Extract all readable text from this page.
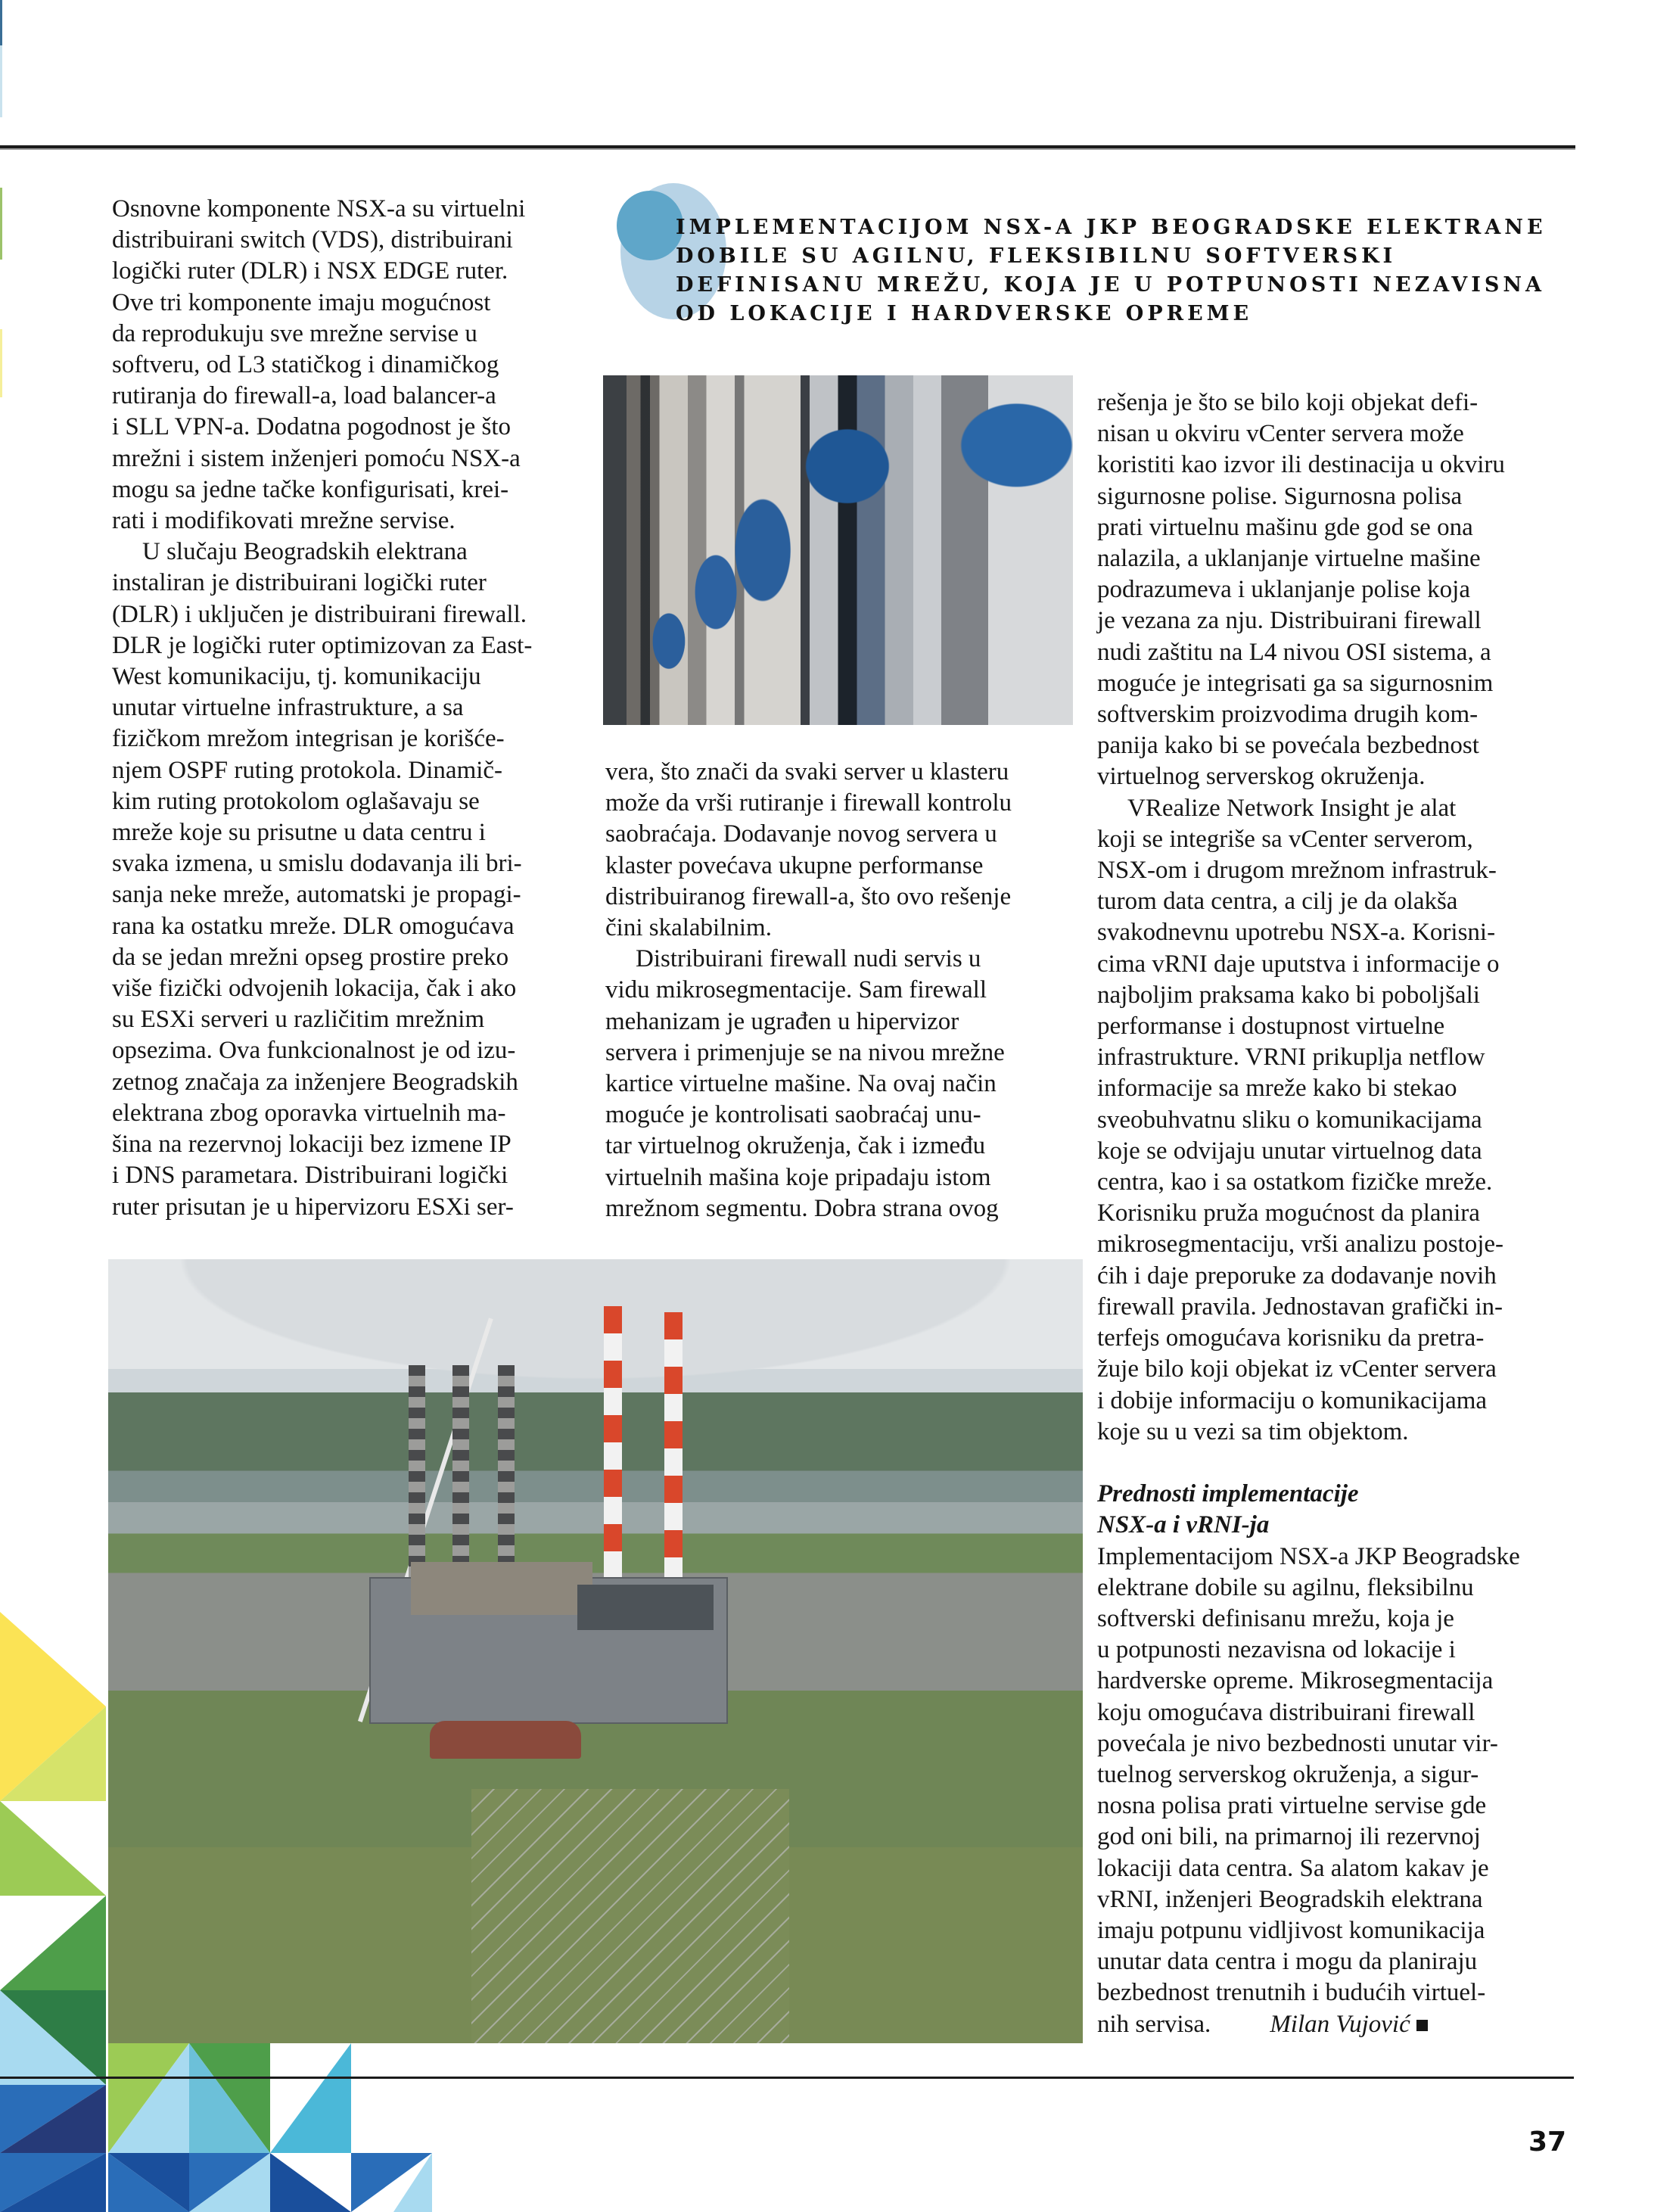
IMPLEMENTACIJOM NSX-A JKP BEOGRADSKE ELEKTRANE
DOBILE SU AGILNU, FLEKSIBILNU SOFTVERSKI
DEFINISANU MREŽU, KOJA JE U POTPUNOSTI NEZAVISNA
OD LOKACIJE I HARDVERSKE OPREME
Osnovne komponente NSX-a su virtuelni
distribuirani switch (VDS), distribuirani
logički ruter (DLR) i NSX EDGE ruter.
Ove tri komponente imaju mogućnost
da reprodukuju sve mrežne servise u
softveru, od L3 statičkog i dinamičkog
rutiranja do firewall-a, load balancer-a
i SLL VPN-a. Dodatna pogodnost je što
mrežni i sistem inženjeri pomoću NSX-a
mogu sa jedne tačke konfigurisati, krei-
rati i modifikovati mrežne servise.
U slučaju Beogradskih elektrana
instaliran je distribuirani logički ruter
(DLR) i uključen je distribuirani firewall.
DLR je logički ruter optimizovan za East-
West komunikaciju, tj. komunikaciju
unutar virtuelne infrastrukture, a sa
fizičkom mrežom integrisan je korišće-
njem OSPF ruting protokola. Dinamič-
kim ruting protokolom oglašavaju se
mreže koje su prisutne u data centru i
svaka izmena, u smislu dodavanja ili bri-
sanja neke mreže, automatski je propagi-
rana ka ostatku mreže. DLR omogućava
da se jedan mrežni opseg prostire preko
više fizički odvojenih lokacija, čak i ako
su ESXi serveri u različitim mrežnim
opsezima. Ova funkcionalnost je od izu-
zetnog značaja za inženjere Beogradskih
elektrana zbog oporavka virtuelnih ma-
šina na rezervnoj lokaciji bez izmene IP
i DNS parametara. Distribuirani logički
ruter prisutan je u hipervizoru ESXi ser-
vera, što znači da svaki server u klasteru
može da vrši rutiranje i firewall kontrolu
saobraćaja. Dodavanje novog servera u
klaster povećava ukupne performanse
distribuiranog firewall-a, što ovo rešenje
čini skalabilnim.
Distribuirani firewall nudi servis u
vidu mikrosegmentacije. Sam firewall
mehanizam je ugrađen u hipervizor
servera i primenjuje se na nivou mrežne
kartice virtuelne mašine. Na ovaj način
moguće je kontrolisati saobraćaj unu-
tar virtuelnog okruženja, čak i između
virtuelnih mašina koje pripadaju istom
mrežnom segmentu. Dobra strana ovog
rešenja je što se bilo koji objekat defi-
nisan u okviru vCenter servera može
koristiti kao izvor ili destinacija u okviru
sigurnosne polise. Sigurnosna polisa
prati virtuelnu mašinu gde god se ona
nalazila, a uklanjanje virtuelne mašine
podrazumeva i uklanjanje polise koja
je vezana za nju. Distribuirani firewall
nudi zaštitu na L4 nivou OSI sistema, a
moguće je integrisati ga sa sigurnosnim
softverskim proizvodima drugih kom-
panija kako bi se povećala bezbednost
virtuelnog serverskog okruženja.
VRealize Network Insight je alat
koji se integriše sa vCenter serverom,
NSX-om i drugom mrežnom infrastruk-
turom data centra, a cilj je da olakša
svakodnevnu upotrebu NSX-a. Korisni-
cima vRNI daje uputstva i informacije o
najboljim praksama kako bi poboljšali
performanse i dostupnost virtuelne
infrastrukture. VRNI prikuplja netflow
informacije sa mreže kako bi stekao
sveobuhvatnu sliku o komunikacijama
koje se odvijaju unutar virtuelnog data
centra, kao i sa ostatkom fizičke mreže.
Korisniku pruža mogućnost da planira
mikrosegmentaciju, vrši analizu postoje-
ćih i daje preporuke za dodavanje novih
firewall pravila. Jednostavan grafički in-
terfejs omogućava korisniku da pretra-
žuje bilo koji objekat iz vCenter servera
i dobije informaciju o komunikacijama
koje su u vezi sa tim objektom.

Prednosti implementacije
NSX-a i vRNI-ja
Implementacijom NSX-a JKP Beogradske
elektrane dobile su agilnu, fleksibilnu
softverski definisanu mrežu, koja je
u potpunosti nezavisna od lokacije i
hardverske opreme. Mikrosegmentacija
koju omogućava distribuirani firewall
povećala je nivo bezbednosti unutar vir-
tuelnog serverskog okruženja, a sigur-
nosna polisa prati virtuelne servise gde
god oni bili, na primarnoj ili rezervnoj
lokaciji data centra. Sa alatom kakav je
vRNI, inženjeri Beogradskih elektrana
imaju potpunu vidljivost komunikacija
unutar data centra i mogu da planiraju
bezbednost trenutnih i budućih virtuel-
nih servisa. Milan Vujović
37
